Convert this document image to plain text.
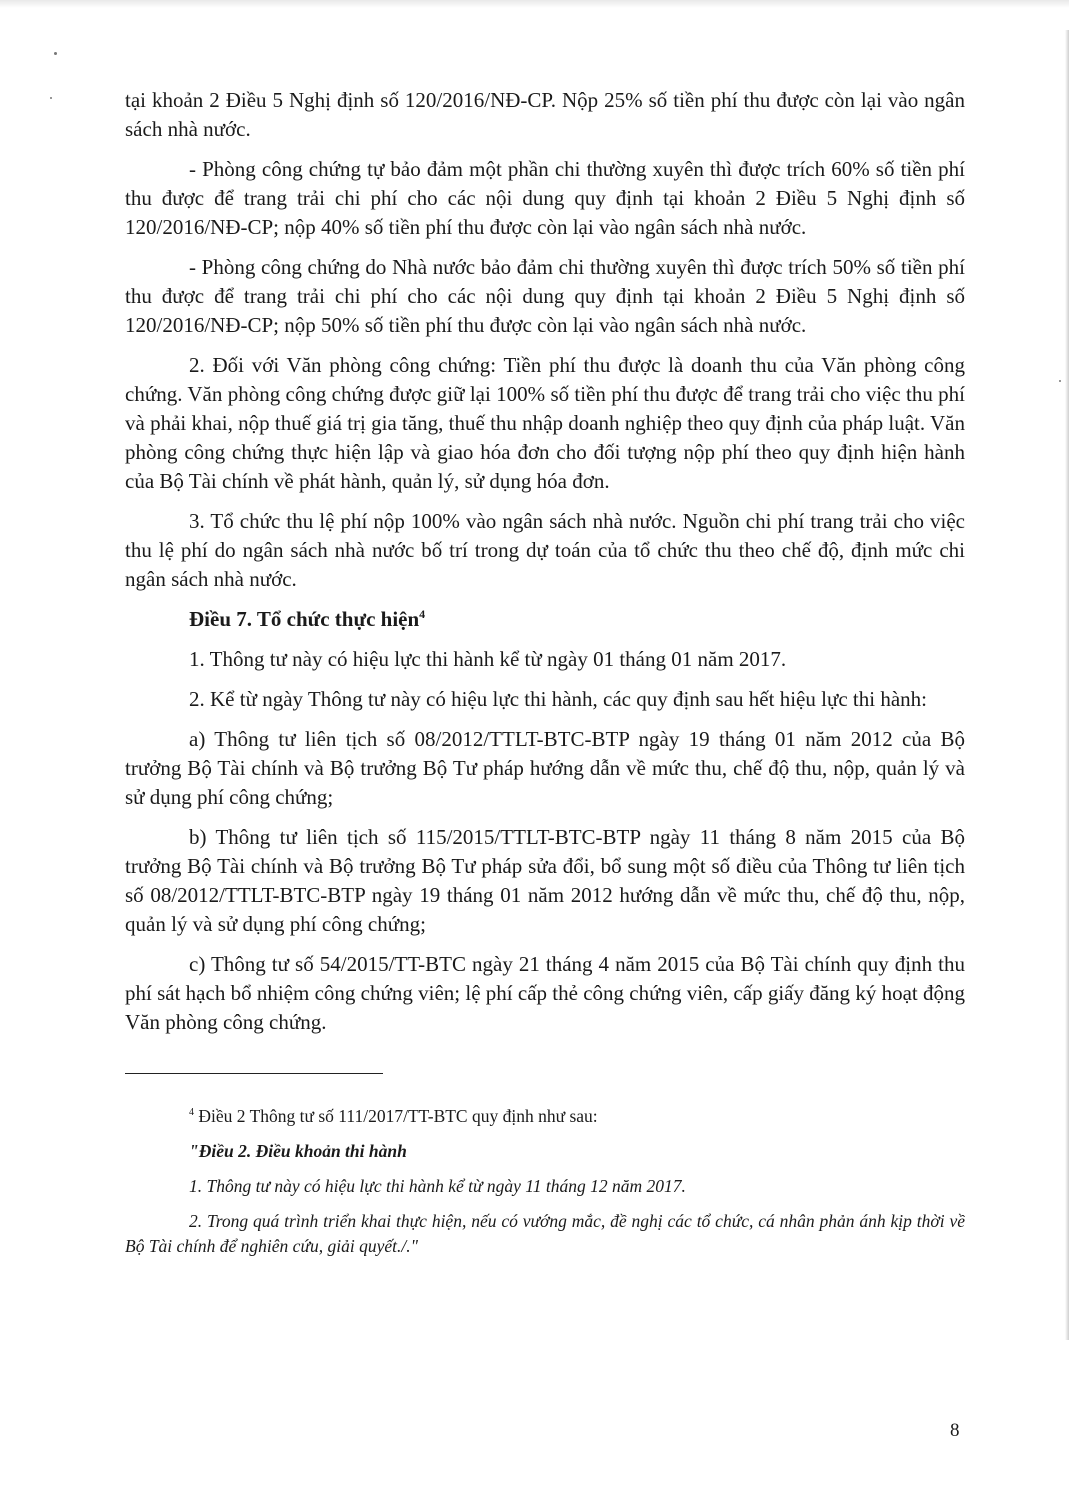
tại khoản 2 Điều 5 Nghị định số 120/2016/NĐ-CP. Nộp 25% số tiền phí thu được còn lại vào ngân sách nhà nước.

- Phòng công chứng tự bảo đảm một phần chi thường xuyên thì được trích 60% số tiền phí thu được để trang trải chi phí cho các nội dung quy định tại khoản 2 Điều 5 Nghị định số 120/2016/NĐ-CP; nộp 40% số tiền phí thu được còn lại vào ngân sách nhà nước.

- Phòng công chứng do Nhà nước bảo đảm chi thường xuyên thì được trích 50% số tiền phí thu được để trang trải chi phí cho các nội dung quy định tại khoản 2 Điều 5 Nghị định số 120/2016/NĐ-CP; nộp 50% số tiền phí thu được còn lại vào ngân sách nhà nước.

2. Đối với Văn phòng công chứng: Tiền phí thu được là doanh thu của Văn phòng công chứng. Văn phòng công chứng được giữ lại 100% số tiền phí thu được để trang trải cho việc thu phí và phải khai, nộp thuế giá trị gia tăng, thuế thu nhập doanh nghiệp theo quy định của pháp luật. Văn phòng công chứng thực hiện lập và giao hóa đơn cho đối tượng nộp phí theo quy định hiện hành của Bộ Tài chính về phát hành, quản lý, sử dụng hóa đơn.

3. Tổ chức thu lệ phí nộp 100% vào ngân sách nhà nước. Nguồn chi phí trang trải cho việc thu lệ phí do ngân sách nhà nước bố trí trong dự toán của tổ chức thu theo chế độ, định mức chi ngân sách nhà nước.

Điều 7. Tổ chức thực hiện$^4$

1. Thông tư này có hiệu lực thi hành kể từ ngày 01 tháng 01 năm 2017.

2. Kể từ ngày Thông tư này có hiệu lực thi hành, các quy định sau hết hiệu lực thi hành:

a) Thông tư liên tịch số 08/2012/TTLT-BTC-BTP ngày 19 tháng 01 năm 2012 của Bộ trưởng Bộ Tài chính và Bộ trưởng Bộ Tư pháp hướng dẫn về mức thu, chế độ thu, nộp, quản lý và sử dụng phí công chứng;

b) Thông tư liên tịch số 115/2015/TTLT-BTC-BTP ngày 11 tháng 8 năm 2015 của Bộ trưởng Bộ Tài chính và Bộ trưởng Bộ Tư pháp sửa đổi, bổ sung một số điều của Thông tư liên tịch số 08/2012/TTLT-BTC-BTP ngày 19 tháng 01 năm 2012 hướng dẫn về mức thu, chế độ thu, nộp, quản lý và sử dụng phí công chứng;

c) Thông tư số 54/2015/TT-BTC ngày 21 tháng 4 năm 2015 của Bộ Tài chính quy định thu phí sát hạch bổ nhiệm công chứng viên; lệ phí cấp thẻ công chứng viên, cấp giấy đăng ký hoạt động Văn phòng công chứng.

$^4$ Điều 2 Thông tư số 111/2017/TT-BTC quy định như sau:

"Điều 2. Điều khoản thi hành

1. Thông tư này có hiệu lực thi hành kể từ ngày 11 tháng 12 năm 2017.

2. Trong quá trình triển khai thực hiện, nếu có vướng mắc, đề nghị các tổ chức, cá nhân phản ánh kịp thời về Bộ Tài chính để nghiên cứu, giải quyết./."

8
